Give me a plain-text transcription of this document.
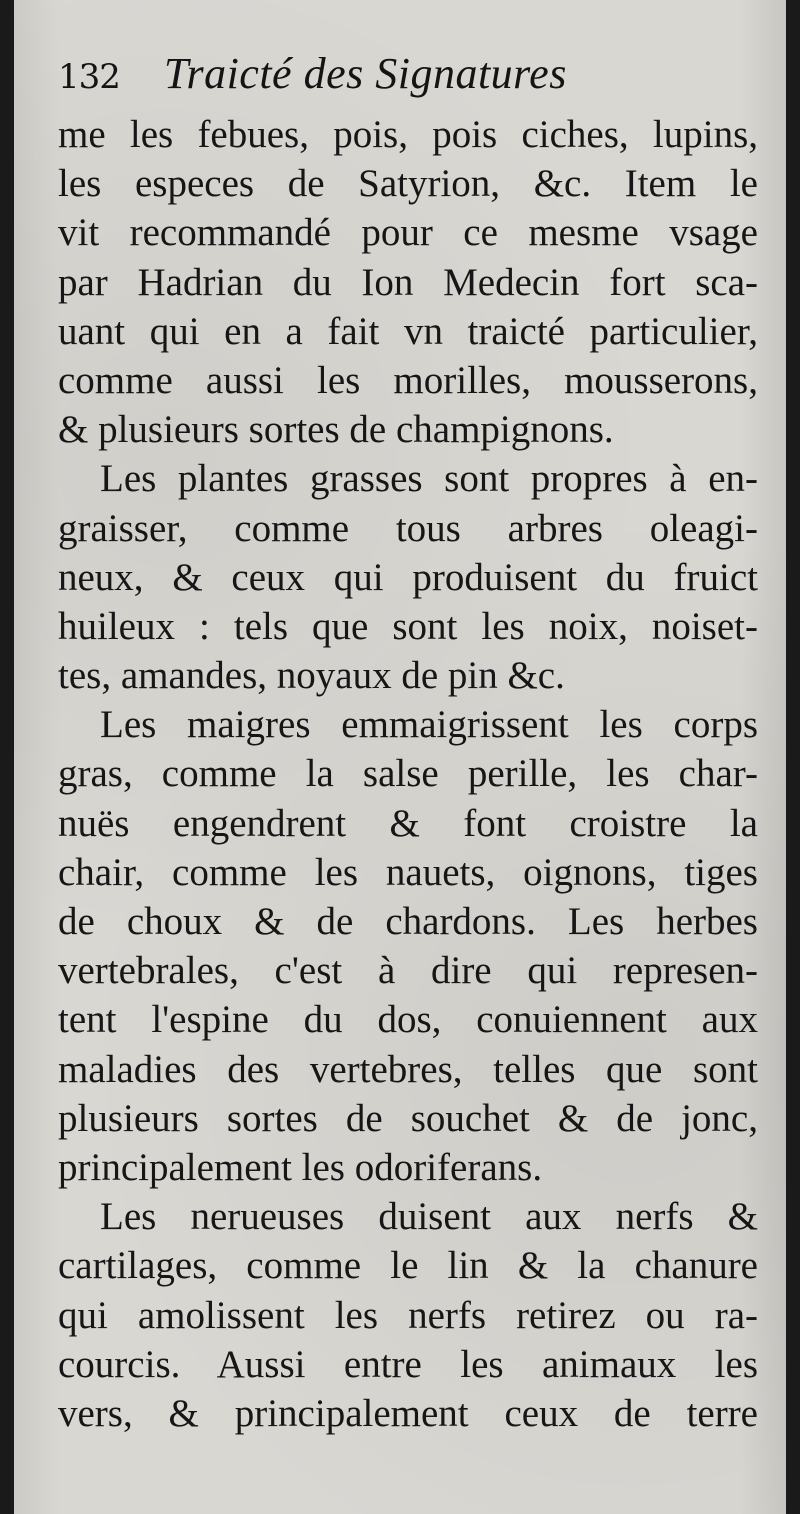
132 Traicté des Signatures
me les febues, pois, pois ciches, lupins,
les especes de Satyrion, &c. Item le
vit recommandé pour ce mesme vsage
par Hadrian du Ion Medecin fort sca-
uant qui en a fait vn traicté particulier,
comme aussi les morilles, mousserons,
& plusieurs sortes de champignons.
Les plantes grasses sont propres à en-
graisser, comme tous arbres oleagi-
neux, & ceux qui produisent du fruict
huileux : tels que sont les noix, noiset-
tes, amandes, noyaux de pin &c.
Les maigres emmaigrissent les corps
gras, comme la salse perille, les char-
nuës engendrent & font croistre la
chair, comme les nauets, oignons, tiges
de choux & de chardons. Les herbes
vertebrales, c'est à dire qui represen-
tent l'espine du dos, conuiennent aux
maladies des vertebres, telles que sont
plusieurs sortes de souchet & de jonc,
principalement les odoriferans.
Les nerueuses duisent aux nerfs &
cartilages, comme le lin & la chanure
qui amolissent les nerfs retirez ou ra-
courcis. Aussi entre les animaux les
vers, & principalement ceux de terre
